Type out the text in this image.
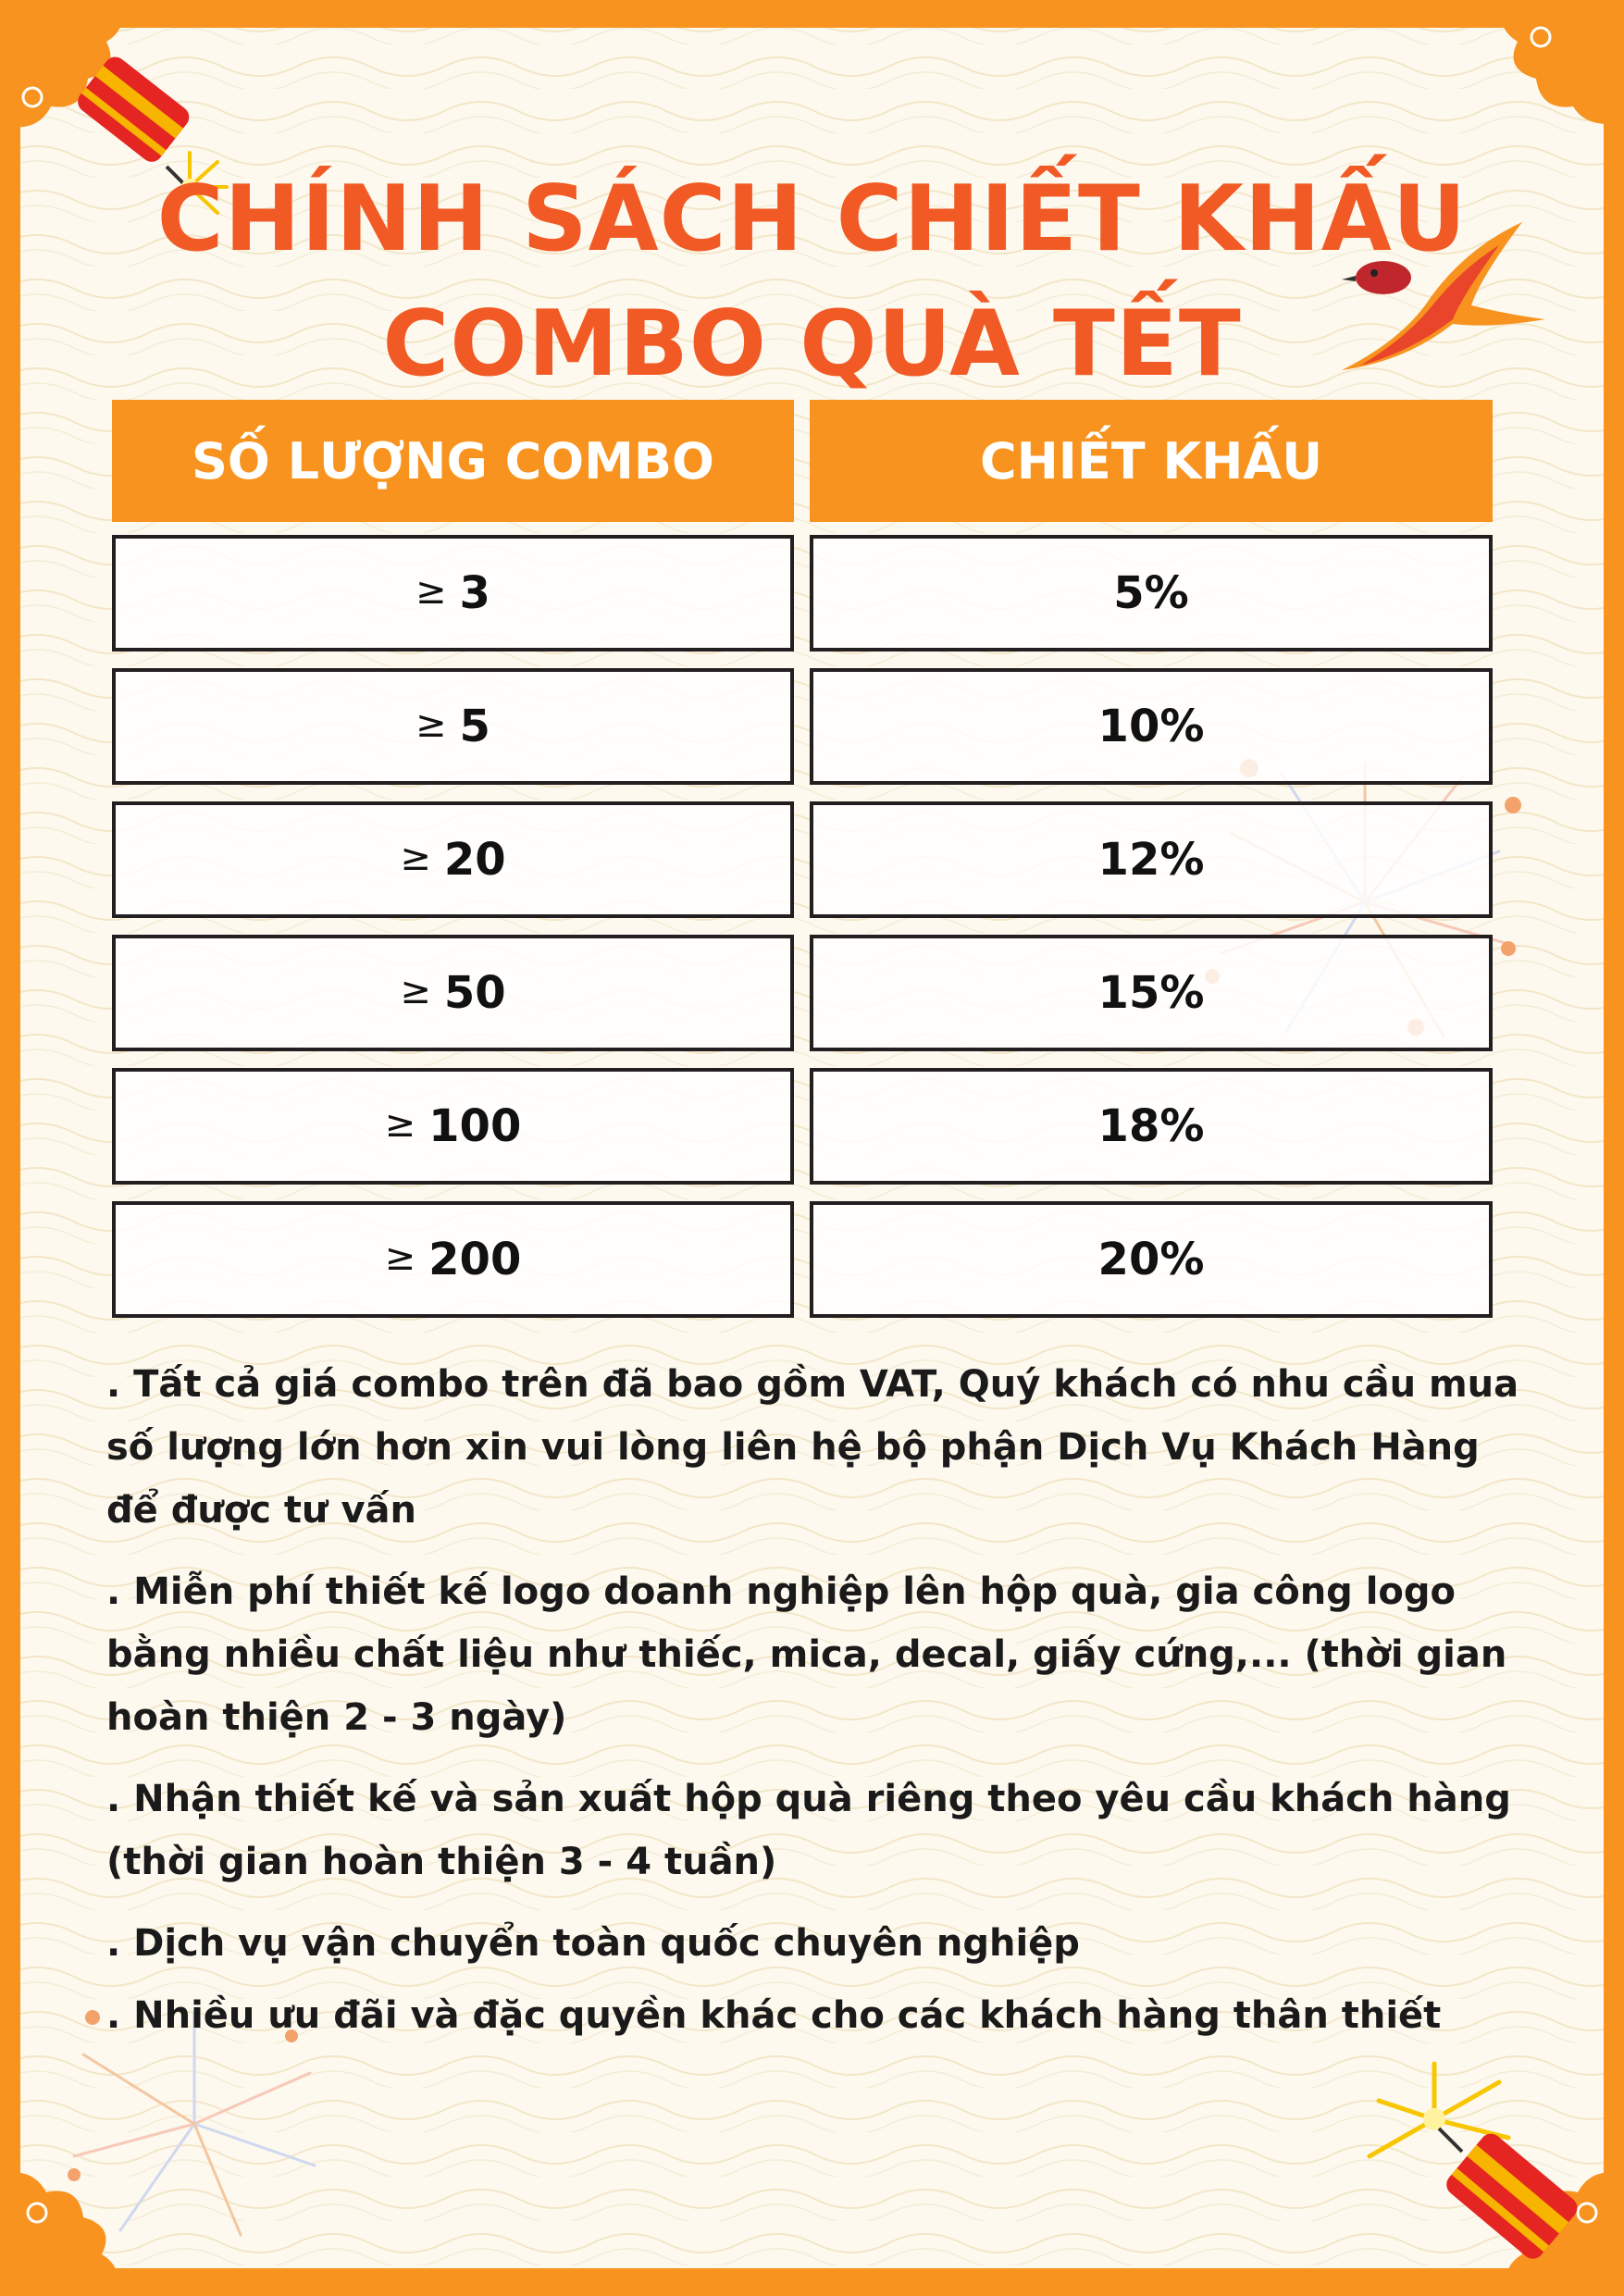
CHÍNH SÁCH CHIẾT KHẤU
COMBO QUÀ TẾT
SỐ LƯỢNG COMBO	CHIẾT KHẤU
≥ 3	5%
≥ 5	10%
≥ 20	12%
≥ 50	15%
≥ 100	18%
≥ 200	20%

. Tất cả giá combo trên đã bao gồm VAT, Quý khách có nhu cầu mua số lượng lớn hơn xin vui lòng liên hệ bộ phận Dịch Vụ Khách Hàng để được tư vấn

. Miễn phí thiết kế logo doanh nghiệp lên hộp quà, gia công logo bằng nhiều chất liệu như thiếc, mica, decal, giấy cứng,... (thời gian hoàn thiện 2 - 3 ngày)

. Nhận thiết kế và sản xuất hộp quà riêng theo yêu cầu khách hàng (thời gian hoàn thiện 3 - 4 tuần)

. Dịch vụ vận chuyển toàn quốc chuyên nghiệp

. Nhiều ưu đãi và đặc quyền khác cho các khách hàng thân thiết
